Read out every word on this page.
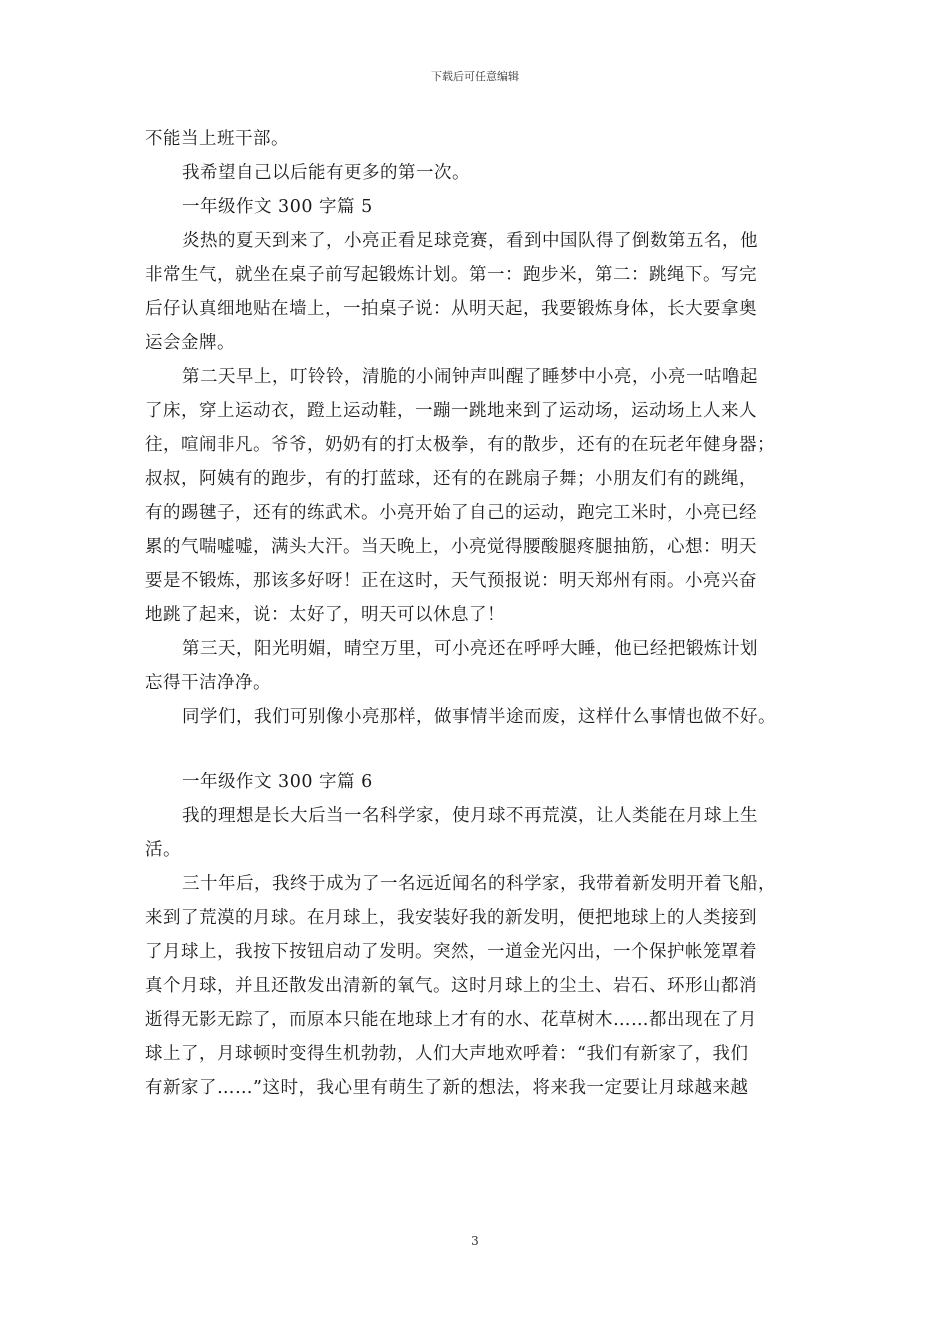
下载后可任意编辑
不能当上班干部。
我希望自己以后能有更多的第一次。
一年级作文 300 字篇 5
炎热的夏天到来了，小亮正看足球竞赛，看到中国队得了倒数第五名，他
非常生气，就坐在桌子前写起锻炼计划。第一：跑步米，第二：跳绳下。写完
后仔认真细地贴在墙上，一拍桌子说：从明天起，我要锻炼身体，长大要拿奥
运会金牌。
第二天早上，叮铃铃，清脆的小闹钟声叫醒了睡梦中小亮，小亮一咕噜起
了床，穿上运动衣，蹬上运动鞋，一蹦一跳地来到了运动场，运动场上人来人
往，喧闹非凡。爷爷，奶奶有的打太极拳，有的散步，还有的在玩老年健身器；
叔叔，阿姨有的跑步，有的打蓝球，还有的在跳扇子舞；小朋友们有的跳绳，
有的踢毽子，还有的练武术。小亮开始了自己的运动，跑完工米时，小亮已经
累的气喘嘘嘘，满头大汗。当天晚上，小亮觉得腰酸腿疼腿抽筋，心想：明天
要是不锻炼，那该多好呀！正在这时，天气预报说：明天郑州有雨。小亮兴奋
地跳了起来，说：太好了，明天可以休息了！
第三天，阳光明媚，晴空万里，可小亮还在呼呼大睡，他已经把锻炼计划
忘得干洁净净。
同学们，我们可别像小亮那样，做事情半途而废，这样什么事情也做不好。
一年级作文 300 字篇 6
我的理想是长大后当一名科学家，使月球不再荒漠，让人类能在月球上生
活。
三十年后，我终于成为了一名远近闻名的科学家，我带着新发明开着飞船，
来到了荒漠的月球。在月球上，我安装好我的新发明，便把地球上的人类接到
了月球上，我按下按钮启动了发明。突然，一道金光闪出，一个保护帐笼罩着
真个月球，并且还散发出清新的氧气。这时月球上的尘土、岩石、环形山都消
逝得无影无踪了，而原本只能在地球上才有的水、花草树木……都出现在了月
球上了，月球顿时变得生机勃勃，人们大声地欢呼着：“我们有新家了，我们
有新家了……”这时，我心里有萌生了新的想法，将来我一定要让月球越来越
3
